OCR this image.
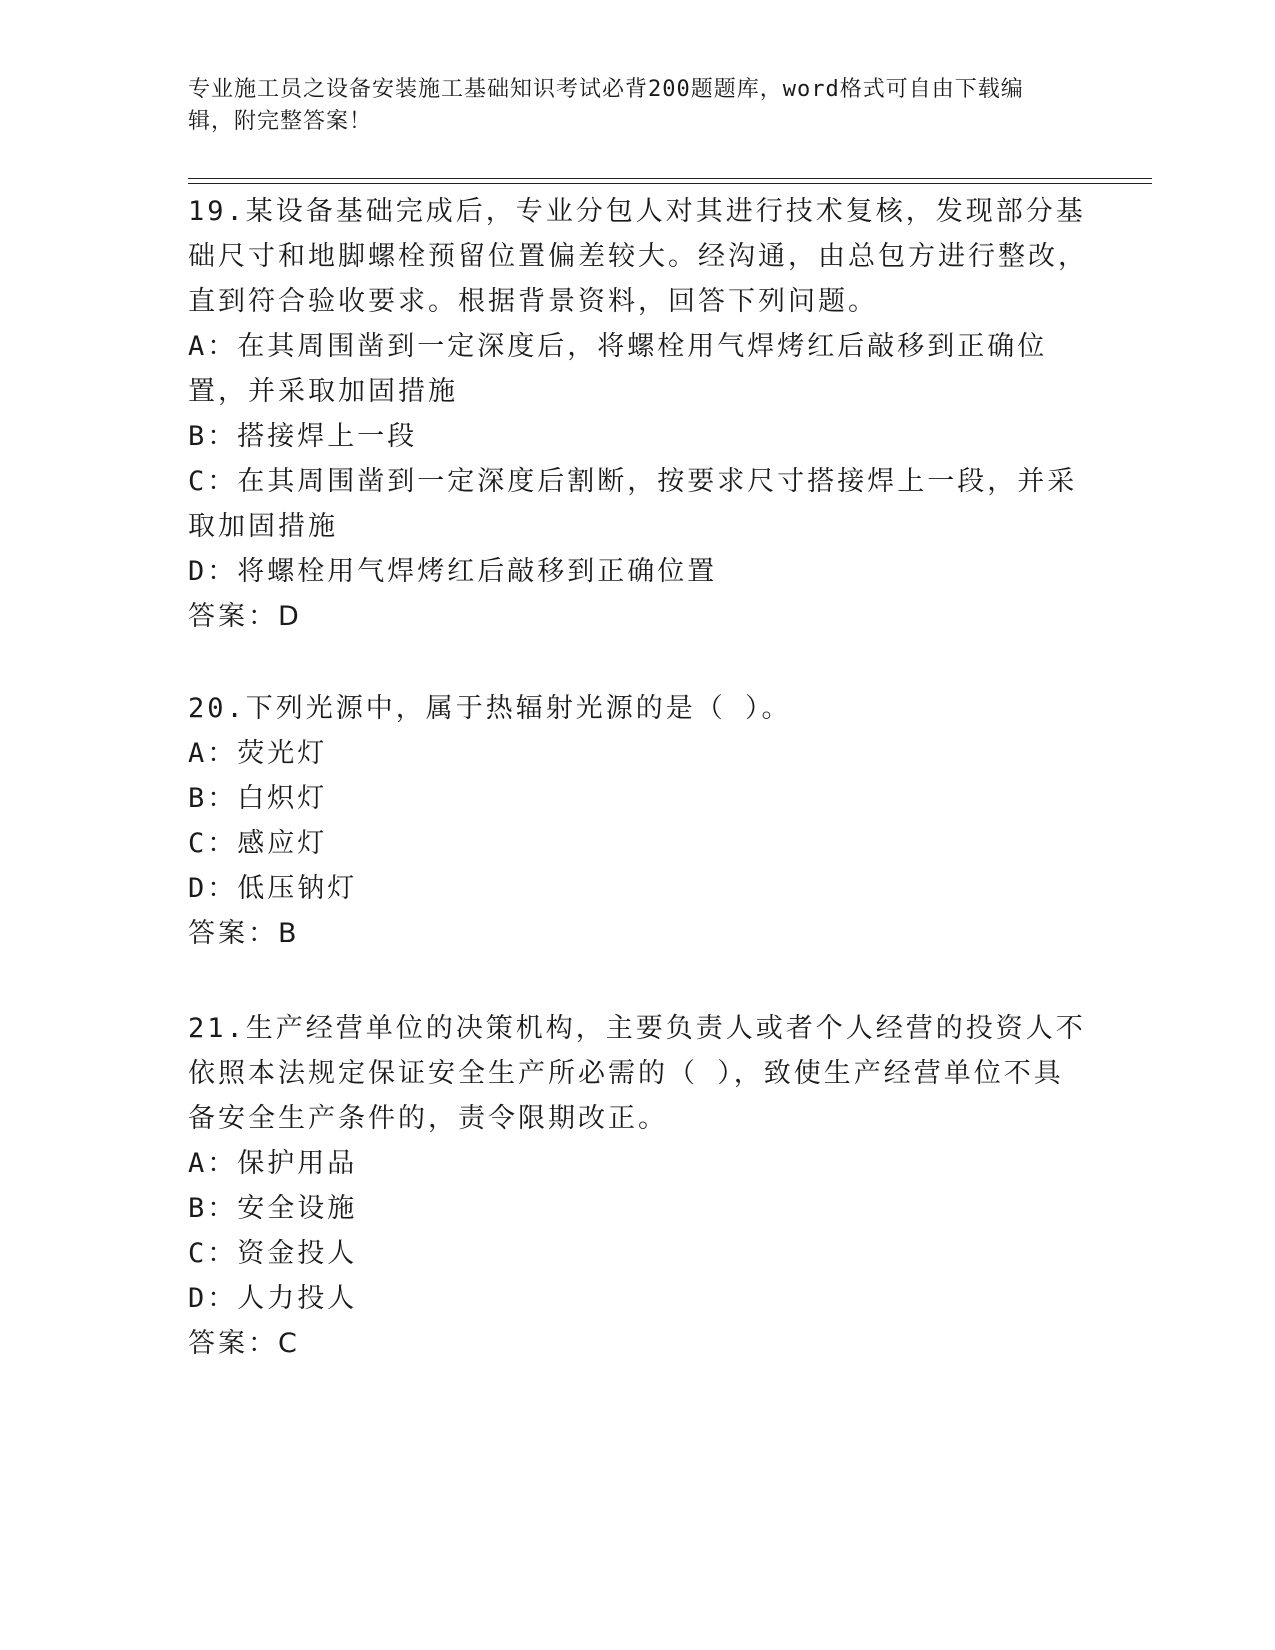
专业施工员之设备安装施工基础知识考试必背200题题库，word格式可自由下载编辑，附完整答案！

19.某设备基础完成后，专业分包人对其进行技术复核，发现部分基础尺寸和地脚螺栓预留位置偏差较大。经沟通，由总包方进行整改，直到符合验收要求。根据背景资料，回答下列问题。

A：在其周围凿到一定深度后，将螺栓用气焊烤红后敲移到正确位置，并采取加固措施

B：搭接焊上一段

C：在其周围凿到一定深度后割断，按要求尺寸搭接焊上一段，并采取加固措施

D：将螺栓用气焊烤红后敲移到正确位置

答案：D

20.下列光源中，属于热辐射光源的是（ ）。

A：荧光灯

B：白炽灯

C：感应灯

D：低压钠灯

答案：B

21.生产经营单位的决策机构，主要负责人或者个人经营的投资人不依照本法规定保证安全生产所必需的（ ），致使生产经营单位不具备安全生产条件的，责令限期改正。

A：保护用品

B：安全设施

C：资金投人

D：人力投人

答案：C
